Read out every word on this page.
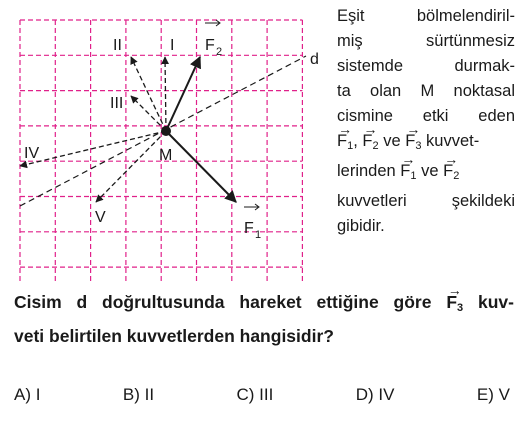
II	I
III
IV
V
M
d
F 2
F 1
Eşit bölmelendiril-
miş sürtünmesiz
sistemde durmak-
ta olan M noktasal
cismine etki eden
→ $F_1$, → $F_2$ ve → $F_3$ kuvvet-
lerinden → $F_1$ ve → $F_2$
kuvvetleri şekildeki
gibidir.
Cisim d doğrultusunda hareket ettiğine göre → $F_3$ kuv-
veti belirtilen kuvvetlerden hangisidir?
A) I	B) II	C) III	D) IV	E) V
